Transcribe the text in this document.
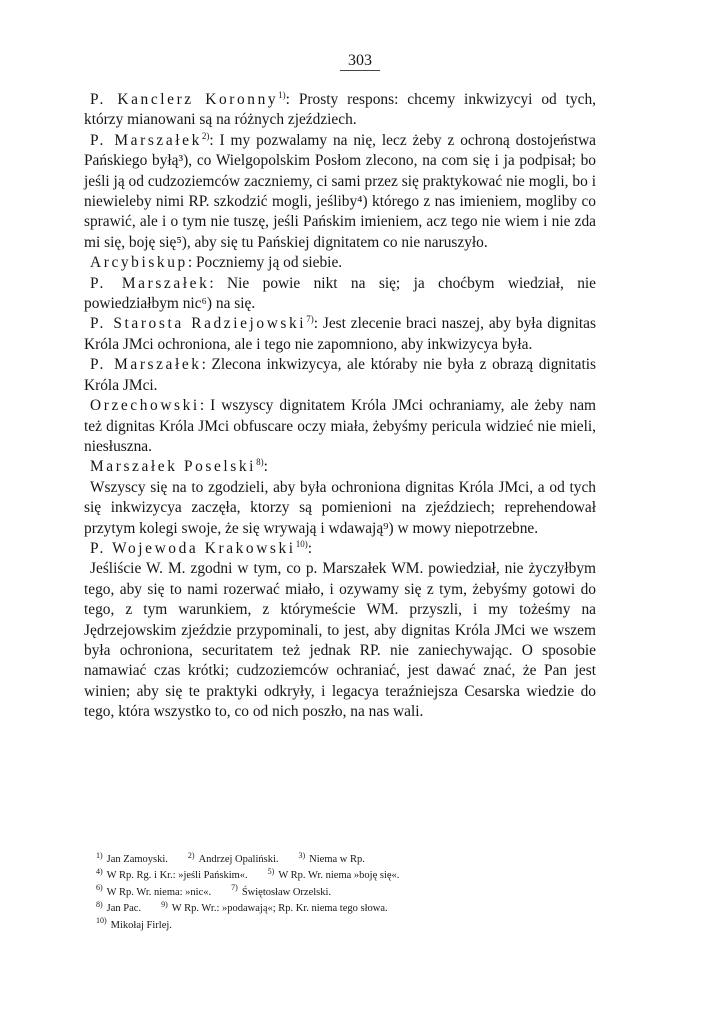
303

P. Kanclerz Koronny$^{1)}$: Prosty respons: chcemy inkwizycyi od tych, którzy mianowani są na różnych zjeździech.

P. Marszałek$^{2)}$: I my pozwalamy na nię, lecz żeby z ochroną dostojeństwa Pańskiego byłą³), co Wielgopolskim Posłom zlecono, na com się i ja podpisał; bo jeśli ją od cudzoziemców zaczniemy, ci sami przez się praktykować nie mogli, bo i niewieleby nimi RP. szkodzić mogli, jeśliby⁴) którego z nas imieniem, mogliby co sprawić, ale i o tym nie tuszę, jeśli Pańskim imieniem, acz tego nie wiem i nie zda mi się, boję się⁵), aby się tu Pańskiej dignitatem co nie naruszyło.

Arcybiskup: Poczniemy ją od siebie.

P. Marszałek: Nie powie nikt na się; ja choćbym wiedział, nie powiedziałbym nic⁶) na się.

P. Starosta Radziejowski$^{7)}$: Jest zlecenie braci naszej, aby była dignitas Króla JMci ochroniona, ale i tego nie zapomniono, aby inkwizycya była.

P. Marszałek: Zlecona inkwizycya, ale któraby nie była z obrazą dignitatis Króla JMci.

Orzechowski: I wszyscy dignitatem Króla JMci ochraniamy, ale żeby nam też dignitas Króla JMci obfuscare oczy miała, żebyśmy pericula widzieć nie mieli, niesłuszna.

Marszałek Poselski$^{8)}$:

Wszyscy się na to zgodzieli, aby była ochroniona dignitas Króla JMci, a od tych się inkwizycya zaczęła, ktorzy są pomienioni na zjeździech; reprehendował przytym kolegi swoje, że się wrywają i wdawają⁹) w mowy niepotrzebne.

P. Wojewoda Krakowski$^{10)}$:

Jeśliście W. M. zgodni w tym, co p. Marszałek WM. powiedział, nie życzyłbym tego, aby się to nami rozerwać miało, i ozywamy się z tym, żebyśmy gotowi do tego, z tym warunkiem, z którymeście WM. przyszli, i my tożeśmy na Jędrzejowskim zjeździe przypominali, to jest, aby dignitas Króla JMci we wszem była ochroniona, securitatem też jednak RP. nie zaniechywając. O sposobie namawiać czas krótki; cudzoziemców ochraniać, jest dawać znać, że Pan jest winien; aby się te praktyki odkryły, i legacya teraźniejsza Cesarska wiedzie do tego, która wszystko to, co od nich poszło, na nas wali.

$^{1)}$ Jan Zamoyski.	$^{2)}$ Andrzej Opaliński.	$^{3)}$ Niema w Rp.

$^{4)}$ W Rp. Rg. i Kr.: »jeśli Pańskim«.	$^{5)}$ W Rp. Wr. niema »boję się«.

$^{6)}$ W Rp. Wr. niema: »nic«.	$^{7)}$ Świętosław Orzelski.

$^{8)}$ Jan Pac.	$^{9)}$ W Rp. Wr.: »podawają«; Rp. Kr. niema tego słowa.

$^{10)}$ Mikołaj Firlej.
